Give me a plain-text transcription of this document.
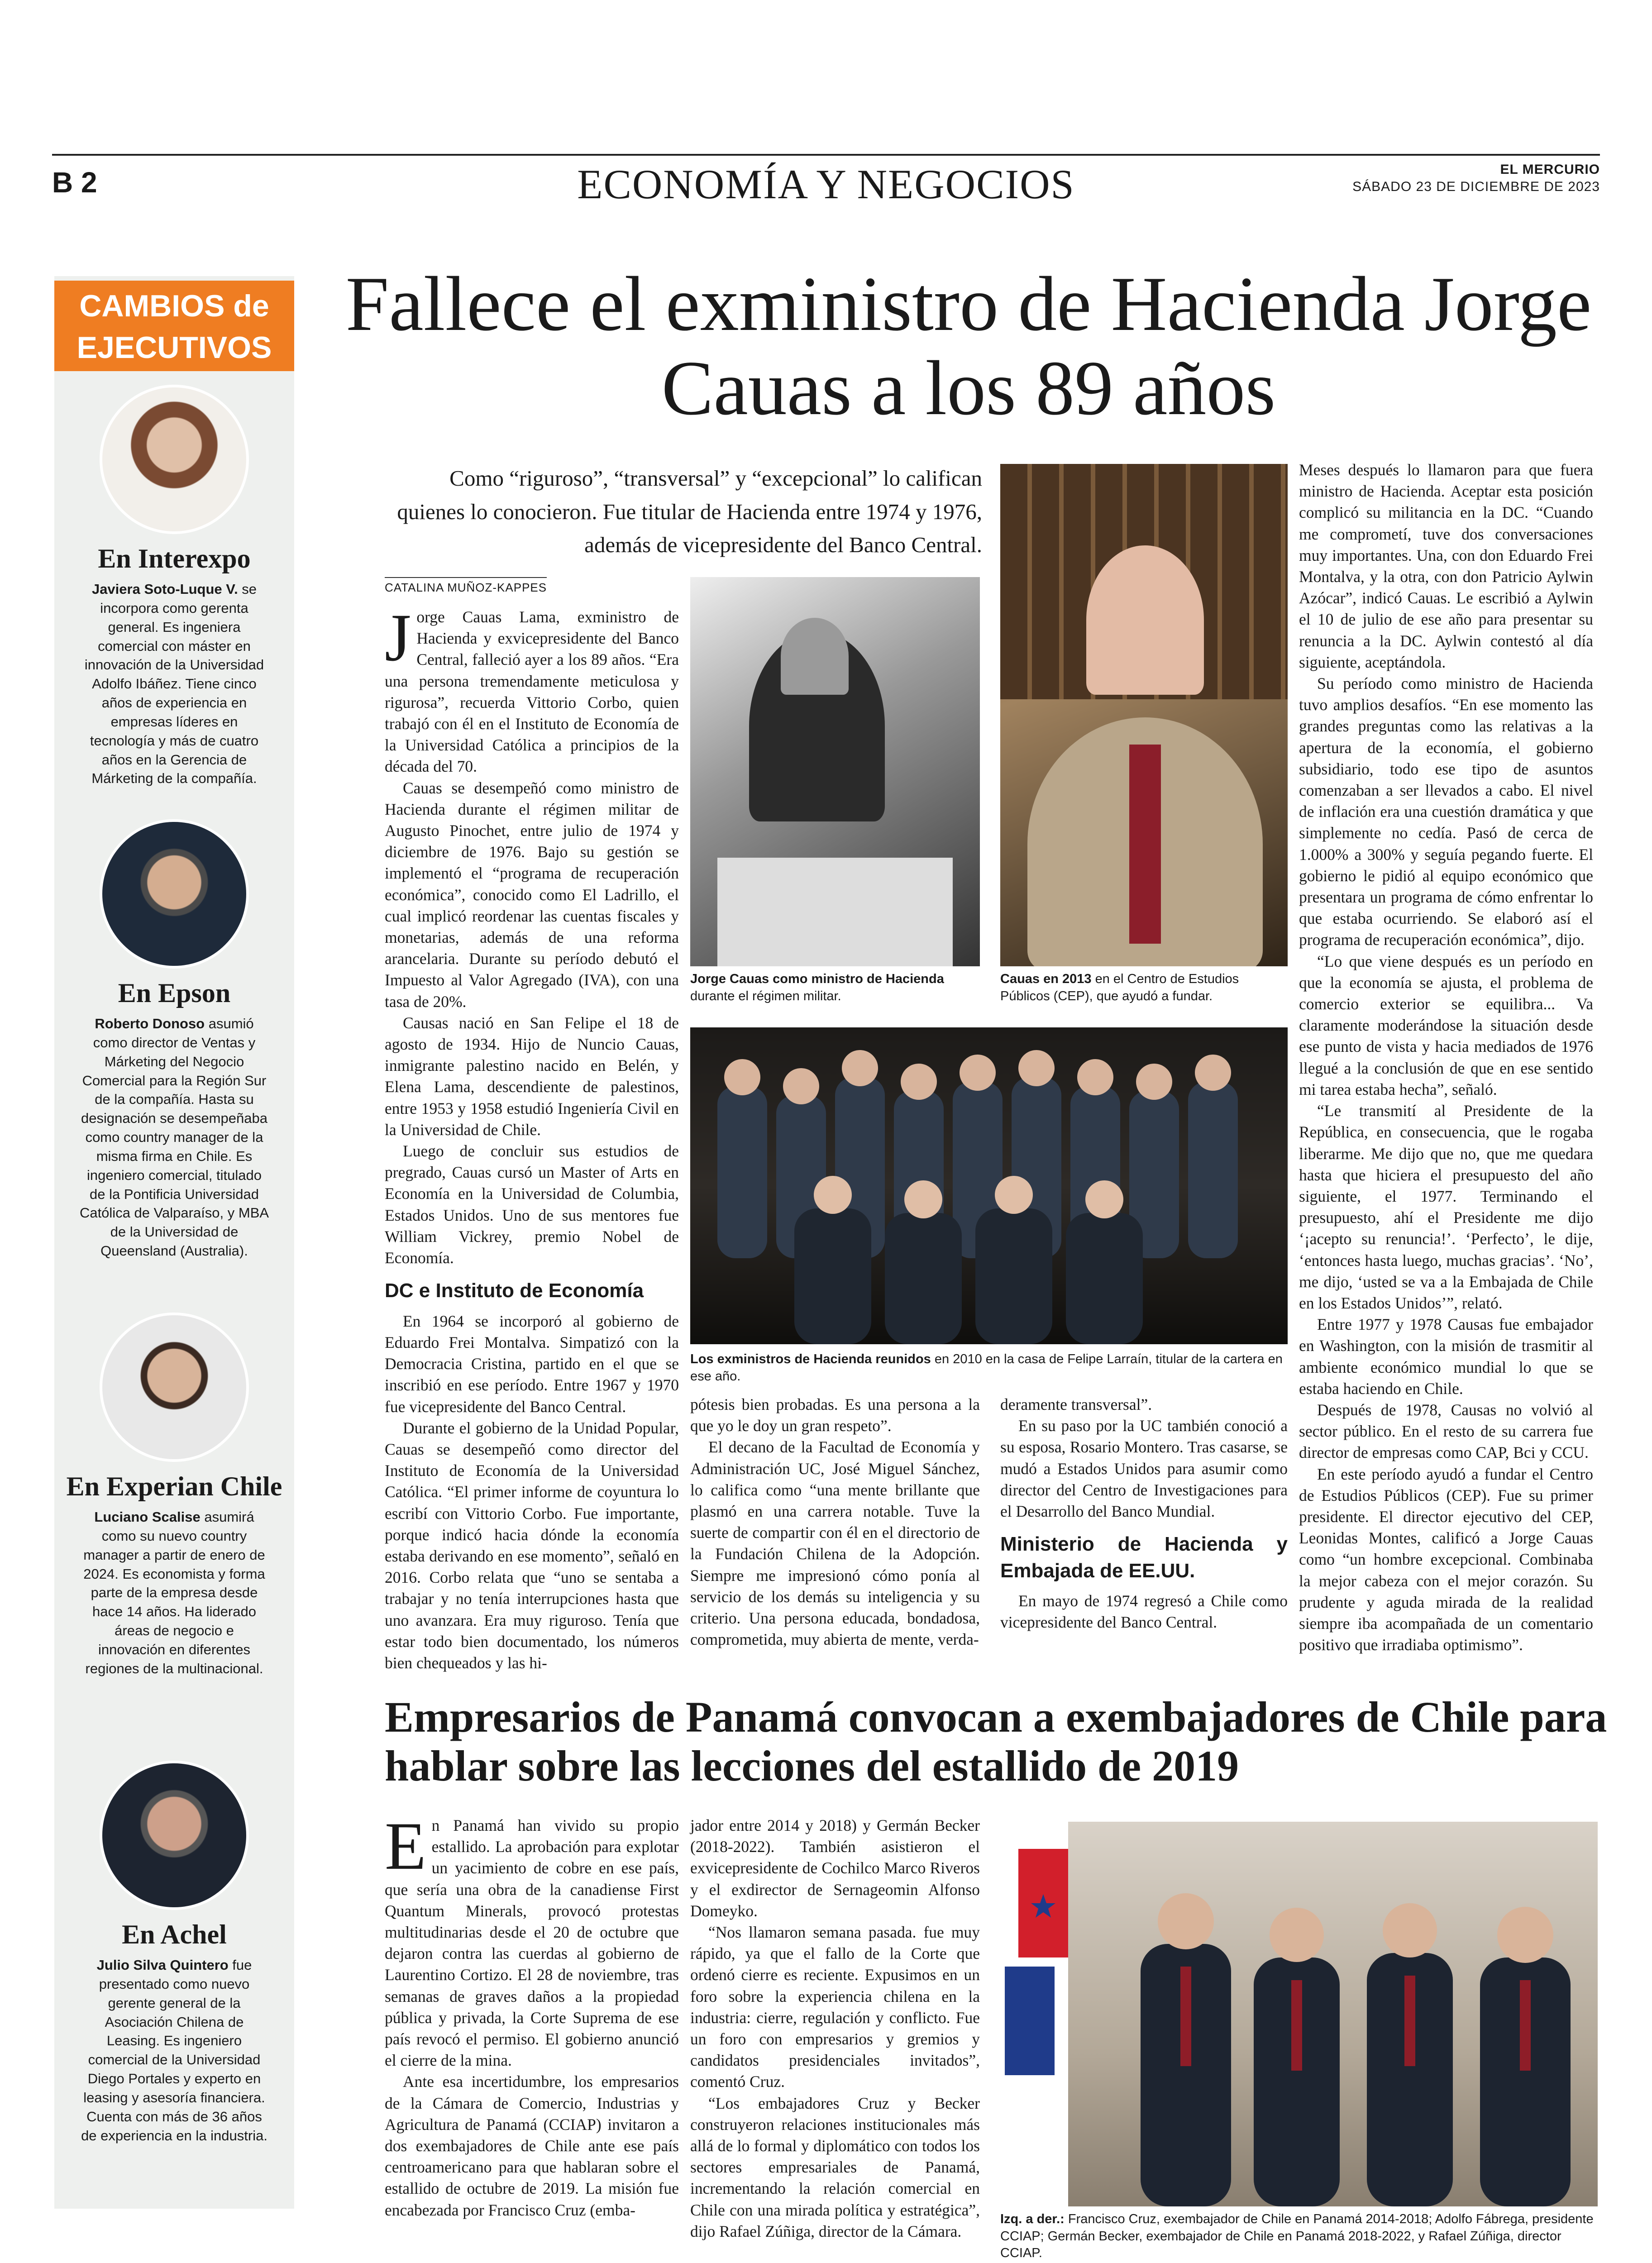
B 2	ECONOMÍA Y NEGOCIOS	EL MERCURIO
SÁBADO 23 DE DICIEMBRE DE 2023
CAMBIOS de EJECUTIVOS
En Interexpo
Javiera Soto-Luque V. se incorpora como gerenta general. Es ingeniera comercial con máster en innovación de la Universidad Adolfo Ibáñez. Tiene cinco años de experiencia en empresas líderes en tecnología y más de cuatro años en la Gerencia de Márketing de la compañía.
En Epson
Roberto Donoso asumió como director de Ventas y Márketing del Negocio Comercial para la Región Sur de la compañía. Hasta su designación se desempeñaba como country manager de la misma firma en Chile. Es ingeniero comercial, titulado de la Pontificia Universidad Católica de Valparaíso, y MBA de la Universidad de Queensland (Australia).
En Experian Chile
Luciano Scalise asumirá como su nuevo country manager a partir de enero de 2024. Es economista y forma parte de la empresa desde hace 14 años. Ha liderado áreas de negocio e innovación en diferentes regiones de la multinacional.
En Achel
Julio Silva Quintero fue presentado como nuevo gerente general de la Asociación Chilena de Leasing. Es ingeniero comercial de la Universidad Diego Portales y experto en leasing y asesoría financiera. Cuenta con más de 36 años de experiencia en la industria.
Fallece el exministro de Hacienda Jorge Cauas a los 89 años
Como “riguroso”, “transversal” y “excepcional” lo califican quienes lo conocieron. Fue titular de Hacienda entre 1974 y 1976, además de vicepresidente del Banco Central.
CATALINA MUÑOZ-KAPPES
J orge Cauas Lama, exministro de Hacienda y exvicepresidente del Banco Central, falleció ayer a los 89 años. “Era una persona tremendamente meticulosa y rigurosa”, recuerda Vittorio Corbo, quien trabajó con él en el Instituto de Economía de la Universidad Católica a principios de la década del 70.

Cauas se desempeñó como ministro de Hacienda durante el régimen militar de Augusto Pinochet, entre julio de 1974 y diciembre de 1976. Bajo su gestión se implementó el “programa de recuperación económica”, conocido como El Ladrillo, el cual implicó reordenar las cuentas fiscales y monetarias, además de una reforma arancelaria. Durante su período debutó el Impuesto al Valor Agregado (IVA), con una tasa de 20%.

Causas nació en San Felipe el 18 de agosto de 1934. Hijo de Nuncio Cauas, inmigrante palestino nacido en Belén, y Elena Lama, descendiente de palestinos, entre 1953 y 1958 estudió Ingeniería Civil en la Universidad de Chile.

Luego de concluir sus estudios de pregrado, Cauas cursó un Master of Arts en Economía en la Universidad de Columbia, Estados Unidos. Uno de sus mentores fue William Vickrey, premio Nobel de Economía.

DC e Instituto de Economía

En 1964 se incorporó al gobierno de Eduardo Frei Montalva. Simpatizó con la Democracia Cristina, partido en el que se inscribió en ese período. Entre 1967 y 1970 fue vicepresidente del Banco Central.

Durante el gobierno de la Unidad Popular, Cauas se desempeñó como director del Instituto de Economía de la Universidad Católica. “El primer informe de coyuntura lo escribí con Vittorio Corbo. Fue importante, porque indicó hacia dónde la economía estaba derivando en ese momento”, señaló en 2016. Corbo relata que “uno se sentaba a trabajar y no tenía interrupciones hasta que uno avanzara. Era muy riguroso. Tenía que estar todo bien documentado, los números bien chequeados y las hi-

Jorge Cauas como ministro de Hacienda durante el régimen militar.
Cauas en 2013 en el Centro de Estudios Públicos (CEP), que ayudó a fundar.
Los exministros de Hacienda reunidos en 2010 en la casa de Felipe Larraín, titular de la cartera en ese año.

pótesis bien probadas. Es una persona a la que yo le doy un gran respeto”.

El decano de la Facultad de Economía y Administración UC, José Miguel Sánchez, lo califica como “una mente brillante que plasmó en una carrera notable. Tuve la suerte de compartir con él en el directorio de la Fundación Chilena de la Adopción. Siempre me impresionó cómo ponía al servicio de los demás su inteligencia y su criterio. Una persona educada, bondadosa, comprometida, muy abierta de mente, verda-

deramente transversal”.

En su paso por la UC también conoció a su esposa, Rosario Montero. Tras casarse, se mudó a Estados Unidos para asumir como director del Centro de Investigaciones para el Desarrollo del Banco Mundial.

Ministerio de Hacienda y Embajada de EE.UU.

En mayo de 1974 regresó a Chile como vicepresidente del Banco Central.

Meses después lo llamaron para que fuera ministro de Hacienda. Aceptar esta posición complicó su militancia en la DC. “Cuando me comprometí, tuve dos conversaciones muy importantes. Una, con don Eduardo Frei Montalva, y la otra, con don Patricio Aylwin Azócar”, indicó Cauas. Le escribió a Aylwin el 10 de julio de ese año para presentar su renuncia a la DC. Aylwin contestó al día siguiente, aceptándola.

Su período como ministro de Hacienda tuvo amplios desafíos. “En ese momento las grandes preguntas como las relativas a la apertura de la economía, el gobierno subsidiario, todo ese tipo de asuntos comenzaban a ser llevados a cabo. El nivel de inflación era una cuestión dramática y que simplemente no cedía. Pasó de cerca de 1.000% a 300% y seguía pegando fuerte. El gobierno le pidió al equipo económico que presentara un programa de cómo enfrentar lo que estaba ocurriendo. Se elaboró así el programa de recuperación económica”, dijo.

“Lo que viene después es un período en que la economía se ajusta, el problema de comercio exterior se equilibra... Va claramente moderándose la situación desde ese punto de vista y hacia mediados de 1976 llegué a la conclusión de que en ese sentido mi tarea estaba hecha”, señaló.

“Le transmití al Presidente de la República, en consecuencia, que le rogaba liberarme. Me dijo que no, que me quedara hasta que hiciera el presupuesto del año siguiente, el 1977. Terminando el presupuesto, ahí el Presidente me dijo ‘¡acepto su renuncia!’. ‘Perfecto’, le dije, ‘entonces hasta luego, muchas gracias’. ‘No’, me dijo, ‘usted se va a la Embajada de Chile en los Estados Unidos’”, relató.

Entre 1977 y 1978 Causas fue embajador en Washington, con la misión de trasmitir al ambiente económico mundial lo que se estaba haciendo en Chile.

Después de 1978, Causas no volvió al sector público. En el resto de su carrera fue director de empresas como CAP, Bci y CCU.

En este período ayudó a fundar el Centro de Estudios Públicos (CEP). Fue su primer presidente. El director ejecutivo del CEP, Leonidas Montes, calificó a Jorge Cauas como “un hombre excepcional. Combinaba la mejor cabeza con el mejor corazón. Su prudente y aguda mirada de la realidad siempre iba acompañada de un comentario positivo que irradiaba optimismo”.

Empresarios de Panamá convocan a exembajadores de Chile para hablar sobre las lecciones del estallido de 2019
E n Panamá han vivido su propio estallido. La aprobación para explotar un yacimiento de cobre en ese país, que sería una obra de la canadiense First Quantum Minerals, provocó protestas multitudinarias desde el 20 de octubre que dejaron contra las cuerdas al gobierno de Laurentino Cortizo. El 28 de noviembre, tras semanas de graves daños a la propiedad pública y privada, la Corte Suprema de ese país revocó el permiso. El gobierno anunció el cierre de la mina.

Ante esa incertidumbre, los empresarios de la Cámara de Comercio, Industrias y Agricultura de Panamá (CCIAP) invitaron a dos exembajadores de Chile ante ese país centroamericano para que hablaran sobre el estallido de octubre de 2019. La misión fue encabezada por Francisco Cruz (emba-

jador entre 2014 y 2018) y Germán Becker (2018-2022). También asistieron el exvicepresidente de Cochilco Marco Riveros y el exdirector de Sernageomin Alfonso Domeyko.

“Nos llamaron semana pasada. fue muy rápido, ya que el fallo de la Corte que ordenó cierre es reciente. Expusimos en un foro sobre la experiencia chilena en la industria: cierre, regulación y conflicto. Fue un foro con empresarios y gremios y candidatos presidenciales invitados”, comentó Cruz.

“Los embajadores Cruz y Becker construyeron relaciones institucionales más allá de lo formal y diplomático con todos los sectores empresariales de Panamá, incrementando la relación comercial en Chile con una mirada política y estratégica”, dijo Rafael Zúñiga, director de la Cámara.

Izq. a der.: Francisco Cruz, exembajador de Chile en Panamá 2014-2018; Adolfo Fábrega, presidente CCIAP; Germán Becker, exembajador de Chile en Panamá 2018-2022, y Rafael Zúñiga, director CCIAP.
